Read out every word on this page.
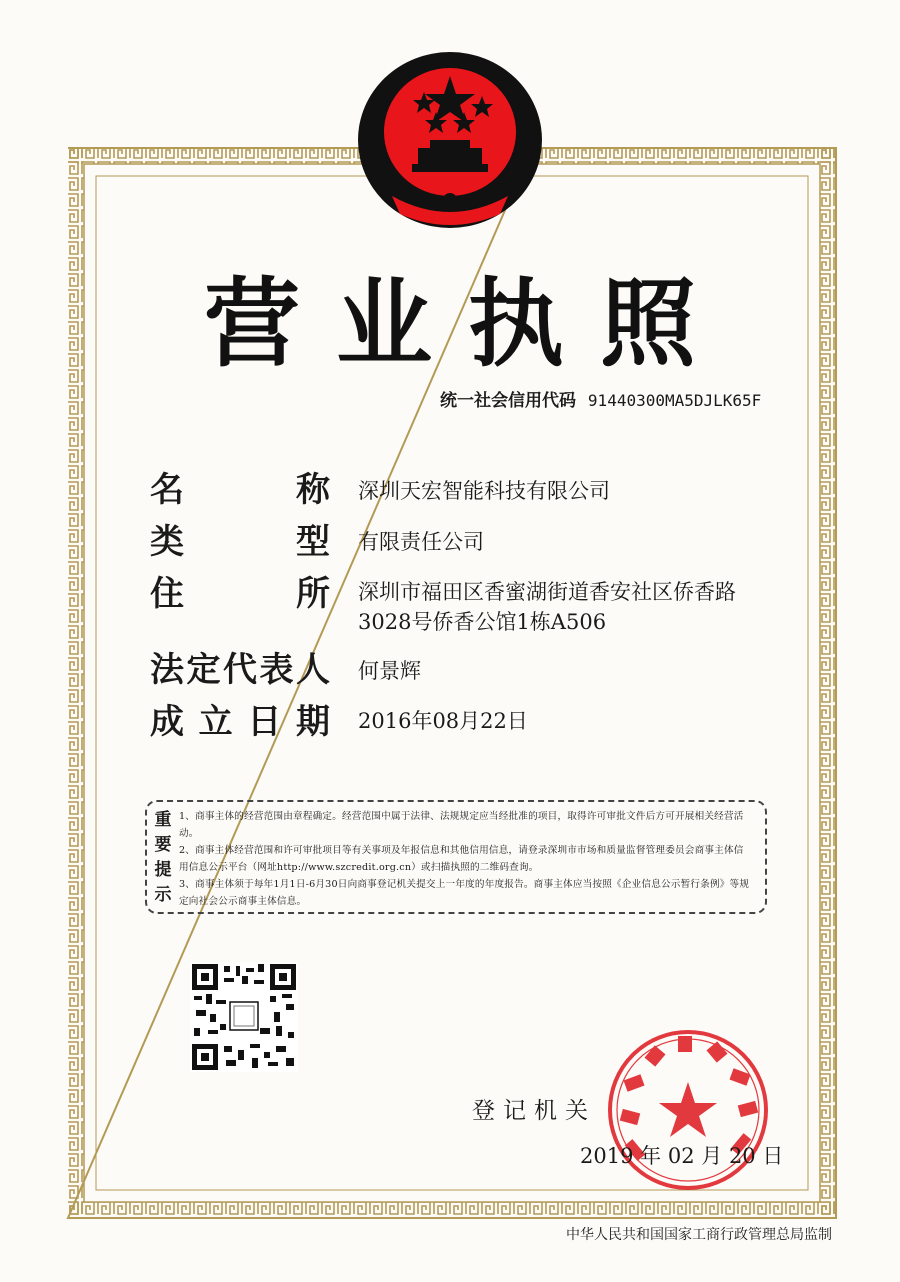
营业执照
统一社会信用代码 91440300MA5DJLK65F
名	称 深圳天宏智能科技有限公司
类	型 有限责任公司
住	所 深圳市福田区香蜜湖街道香安社区侨香路
3028号侨香公馆1栋A506
法 定 代 表 人 何景辉
成 立 日 期 2016年08月22日
重
要
提
示
1、商事主体的经营范围由章程确定。经营范围中属于法律、法规规定应当经批准的项目，取得许可审批文件后方可开展相关经营活动。
2、商事主体经营范围和许可审批项目等有关事项及年报信息和其他信用信息，请登录深圳市市场和质量监督管理委员会商事主体信用信息公示平台（网址http://www.szcredit.org.cn）或扫描执照的二维码查询。
3、商事主体须于每年1月1日-6月30日向商事登记机关提交上一年度的年度报告。商事主体应当按照《企业信息公示暂行条例》等规定向社会公示商事主体信息。
登记机关
2019 年 02 月 20 日
中华人民共和国国家工商行政管理总局监制
